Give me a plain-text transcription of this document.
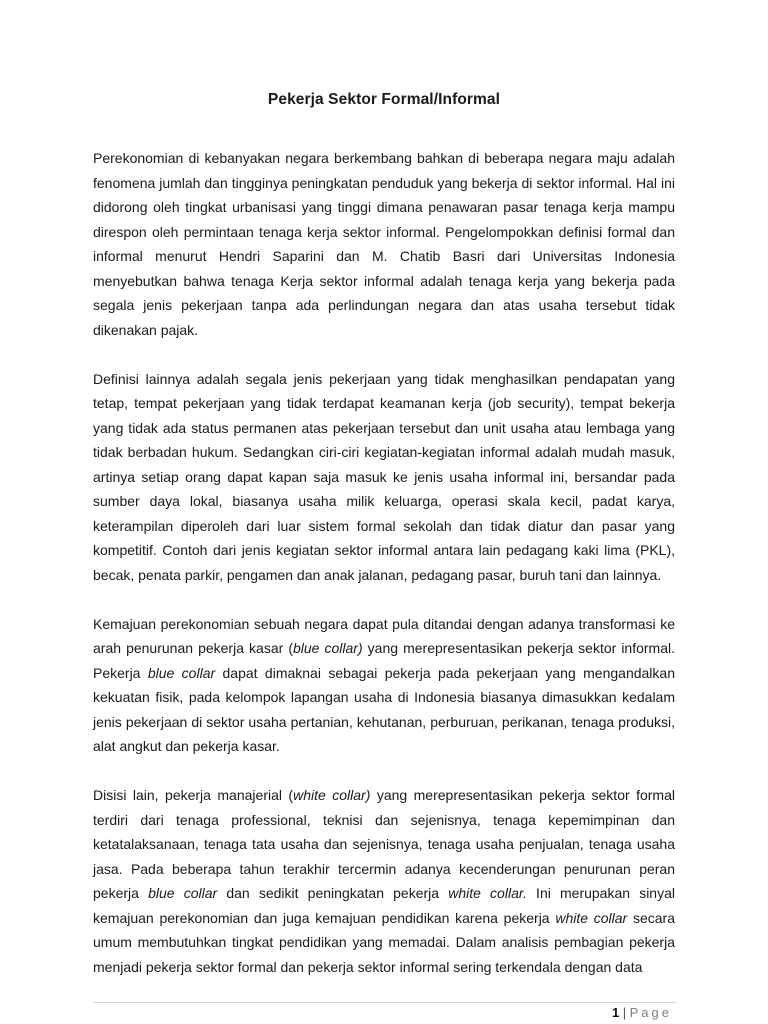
Pekerja Sektor Formal/Informal

Perekonomian di kebanyakan negara berkembang bahkan di beberapa negara maju adalah fenomena jumlah dan tingginya peningkatan penduduk yang bekerja di sektor informal. Hal ini didorong oleh tingkat urbanisasi yang tinggi dimana penawaran pasar tenaga kerja mampu direspon oleh permintaan tenaga kerja sektor informal. Pengelompokkan definisi formal dan informal menurut Hendri Saparini dan M. Chatib Basri dari Universitas Indonesia menyebutkan bahwa tenaga Kerja sektor informal adalah tenaga kerja yang bekerja pada segala jenis pekerjaan tanpa ada perlindungan negara dan atas usaha tersebut tidak dikenakan pajak.

Definisi lainnya adalah segala jenis pekerjaan yang tidak menghasilkan pendapatan yang tetap, tempat pekerjaan yang tidak terdapat keamanan kerja (job security), tempat bekerja yang tidak ada status permanen atas pekerjaan tersebut dan unit usaha atau lembaga yang tidak berbadan hukum. Sedangkan ciri-ciri kegiatan-kegiatan informal adalah mudah masuk, artinya setiap orang dapat kapan saja masuk ke jenis usaha informal ini, bersandar pada sumber daya lokal, biasanya usaha milik keluarga, operasi skala kecil, padat karya, keterampilan diperoleh dari luar sistem formal sekolah dan tidak diatur dan pasar yang kompetitif. Contoh dari jenis kegiatan sektor informal antara lain pedagang kaki lima (PKL), becak, penata parkir, pengamen dan anak jalanan, pedagang pasar, buruh tani dan lainnya.

Kemajuan perekonomian sebuah negara dapat pula ditandai dengan adanya transformasi ke arah penurunan pekerja kasar (blue collar) yang merepresentasikan pekerja sektor informal. Pekerja blue collar dapat dimaknai sebagai pekerja pada pekerjaan yang mengandalkan kekuatan fisik, pada kelompok lapangan usaha di Indonesia biasanya dimasukkan kedalam jenis pekerjaan di sektor usaha pertanian, kehutanan, perburuan, perikanan, tenaga produksi, alat angkut dan pekerja kasar.

Disisi lain, pekerja manajerial (white collar) yang merepresentasikan pekerja sektor formal terdiri dari tenaga professional, teknisi dan sejenisnya, tenaga kepemimpinan dan ketatalaksanaan, tenaga tata usaha dan sejenisnya, tenaga usaha penjualan, tenaga usaha jasa. Pada beberapa tahun terakhir tercermin adanya kecenderungan penurunan peran pekerja blue collar dan sedikit peningkatan pekerja white collar. Ini merupakan sinyal kemajuan perekonomian dan juga kemajuan pendidikan karena pekerja white collar secara umum membutuhkan tingkat pendidikan yang memadai. Dalam analisis pembagian pekerja menjadi pekerja sektor formal dan pekerja sektor informal sering terkendala dengan data

1 | Page
